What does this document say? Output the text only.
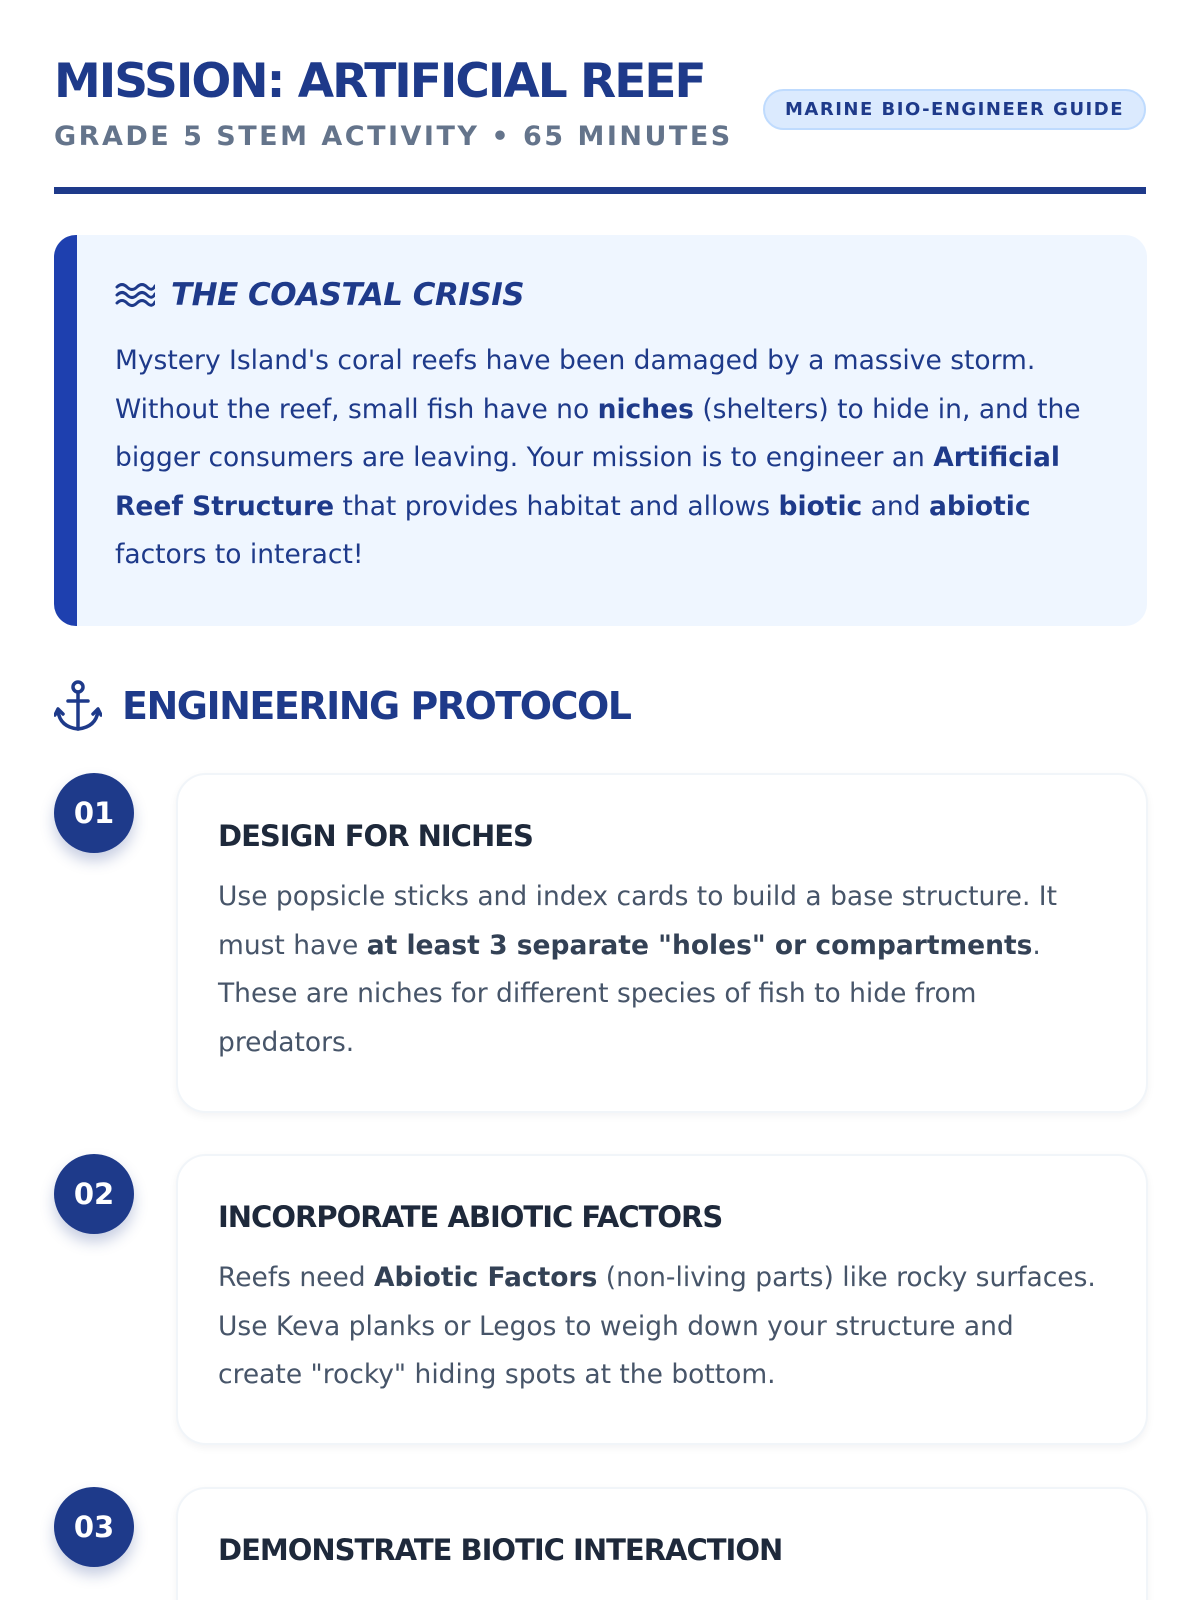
MISSION: ARTIFICIAL REEF
GRADE 5 STEM ACTIVITY • 65 MINUTES
MARINE BIO-ENGINEER GUIDE
THE COASTAL CRISIS

Mystery Island's coral reefs have been damaged by a massive storm. Without the reef, small fish have no niches (shelters) to hide in, and the bigger consumers are leaving. Your mission is to engineer an Artificial Reef Structure that provides habitat and allows biotic and abiotic factors to interact!

ENGINEERING PROTOCOL
01
DESIGN FOR NICHES

Use popsicle sticks and index cards to build a base structure. It must have at least 3 separate "holes" or compartments. These are niches for different species of fish to hide from predators.

02
INCORPORATE ABIOTIC FACTORS

Reefs need Abiotic Factors (non-living parts) like rocky surfaces. Use Keva planks or Legos to weigh down your structure and create "rocky" hiding spots at the bottom.

03
DEMONSTRATE BIOTIC INTERACTION
